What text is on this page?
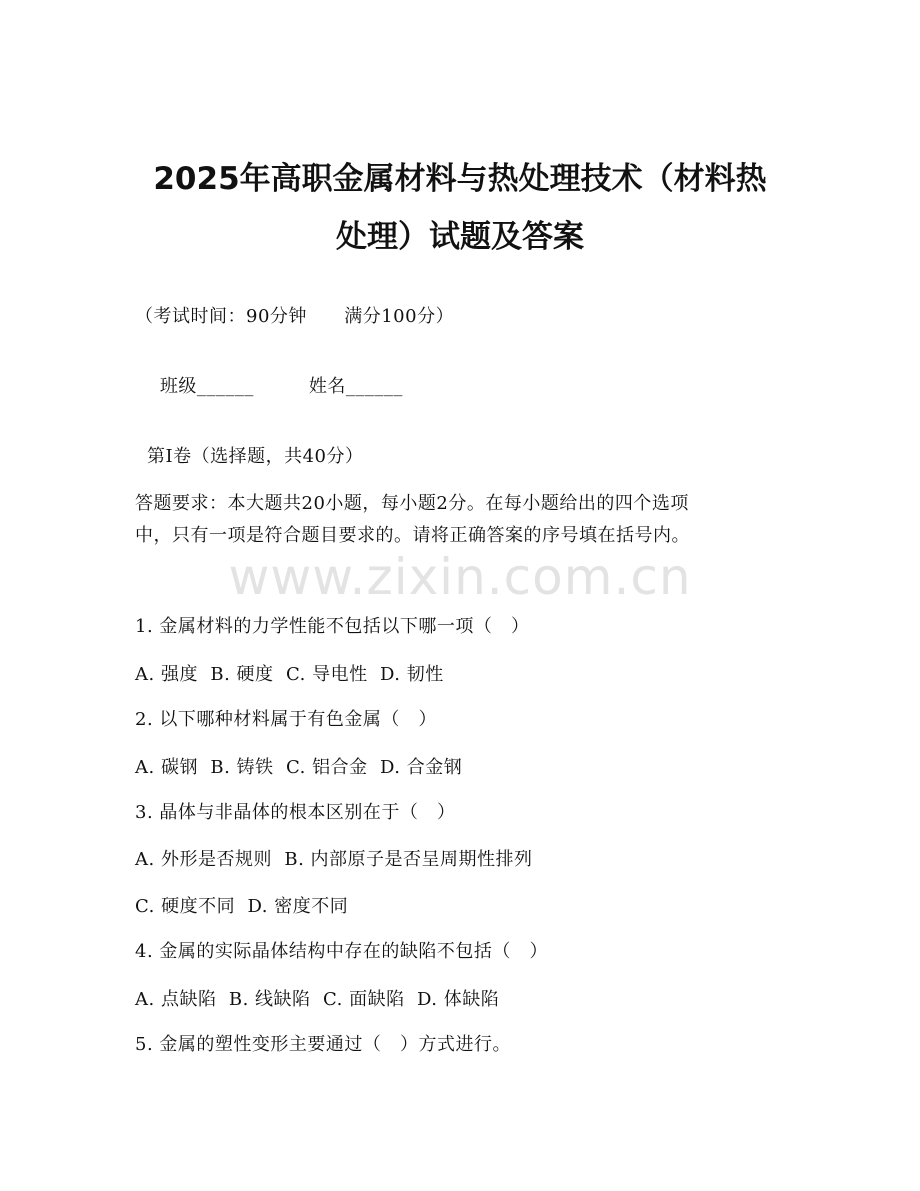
2025年高职金属材料与热处理技术（材料热
处理）试题及答案
（考试时间：90分钟      满分100分）

班级______	姓名______

第Ⅰ卷（选择题，共40分）
答题要求：本大题共20小题，每小题2分。在每小题给出的四个选项
中，只有一项是符合题目要求的。请将正确答案的序号填在括号内。
www.zixin.com.cn
1. 金属材料的力学性能不包括以下哪一项（   ）
A. 强度  B. 硬度  C. 导电性  D. 韧性
2. 以下哪种材料属于有色金属（   ）
A. 碳钢  B. 铸铁  C. 铝合金  D. 合金钢
3. 晶体与非晶体的根本区别在于（   ）
A. 外形是否规则  B. 内部原子是否呈周期性排列
C. 硬度不同  D. 密度不同
4. 金属的实际晶体结构中存在的缺陷不包括（   ）
A. 点缺陷  B. 线缺陷  C. 面缺陷  D. 体缺陷
5. 金属的塑性变形主要通过（   ）方式进行。
